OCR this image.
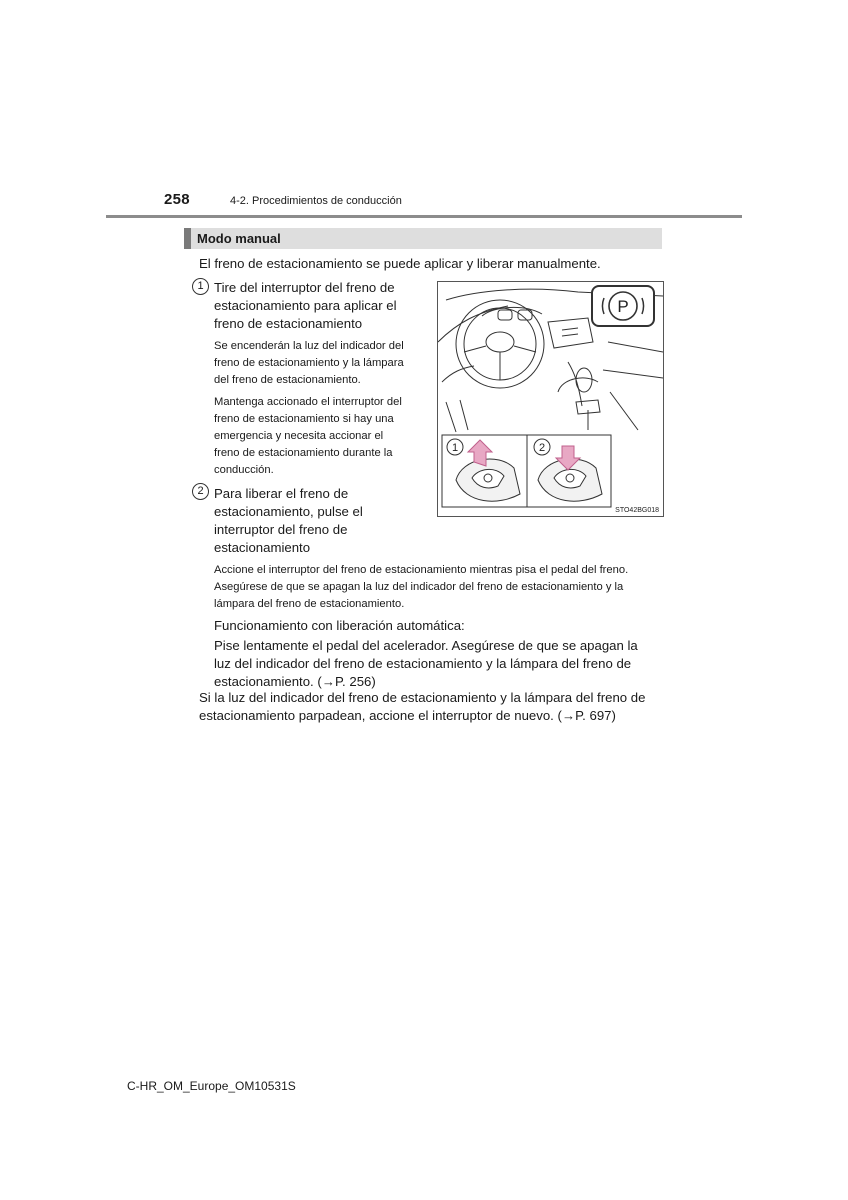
258	4-2. Procedimientos de conducción
Modo manual
El freno de estacionamiento se puede aplicar y liberar manualmente.
1 Tire del interruptor del freno de
estacionamiento para aplicar el
freno de estacionamiento
Se encenderán la luz del indicador del
freno de estacionamiento y la lámpara
del freno de estacionamiento.
Mantenga accionado el interruptor del
freno de estacionamiento si hay una
emergencia y necesita accionar el
freno de estacionamiento durante la
conducción.
2 Para liberar el freno de
estacionamiento, pulse el
interruptor del freno de
estacionamiento
Accione el interruptor del freno de estacionamiento mientras pisa el pedal del freno.
Asegúrese de que se apagan la luz del indicador del freno de estacionamiento y la
lámpara del freno de estacionamiento.
Funcionamiento con liberación automática:
Pise lentamente el pedal del acelerador. Asegúrese de que se apagan la
luz del indicador del freno de estacionamiento y la lámpara del freno de
estacionamiento. (→P. 256)
Si la luz del indicador del freno de estacionamiento y la lámpara del freno de
estacionamiento parpadean, accione el interruptor de nuevo. (→P. 697)
P
1	2
STO42BG018
C-HR_OM_Europe_OM10531S
